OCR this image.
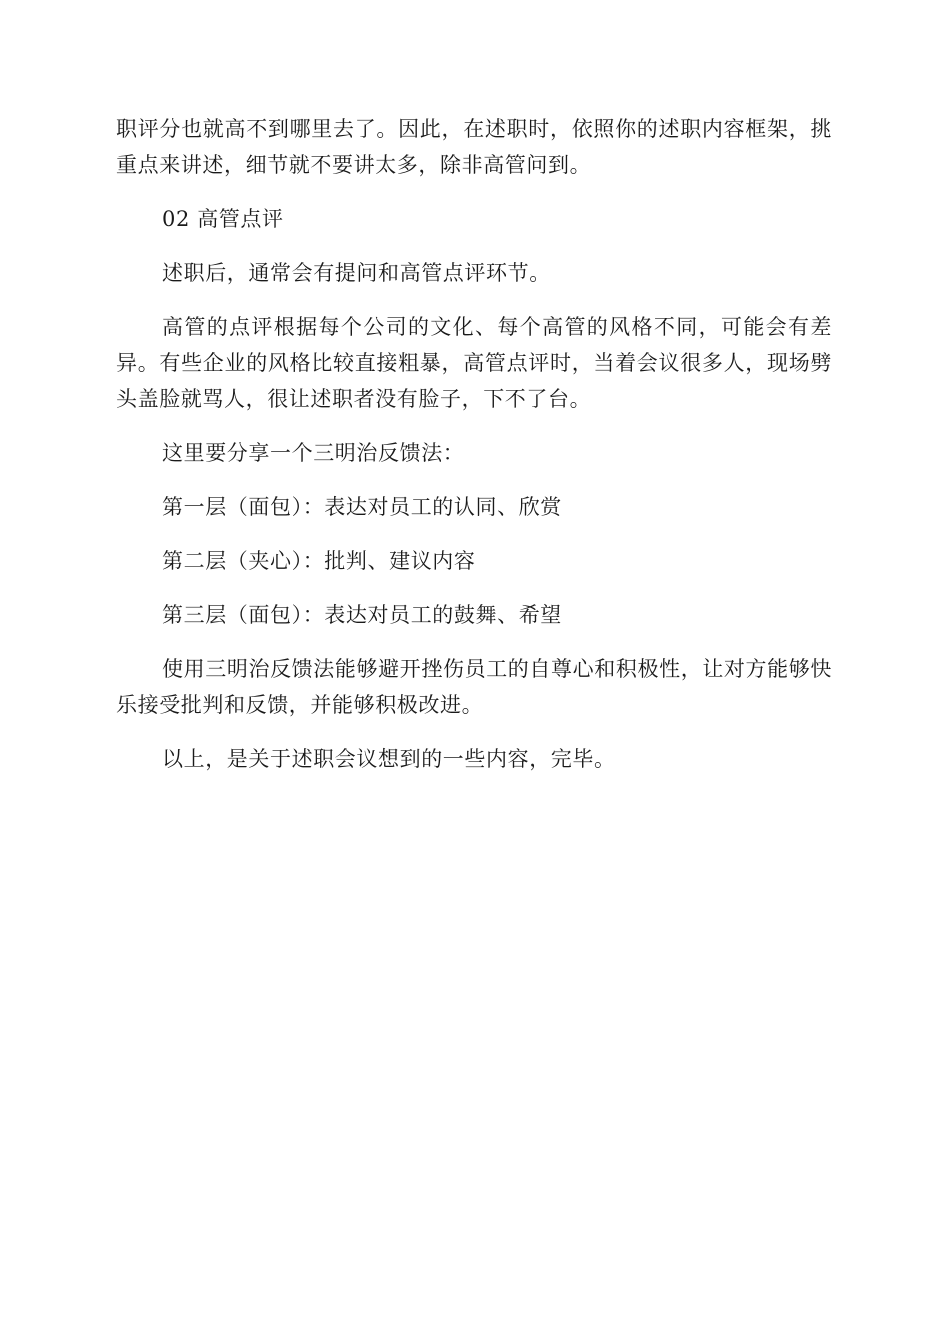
职评分也就高不到哪里去了。因此，在述职时，依照你的述职内容框架，挑重点来讲述，细节就不要讲太多，除非高管问到。

02 高管点评

述职后，通常会有提问和高管点评环节。

高管的点评根据每个公司的文化、每个高管的风格不同，可能会有差异。有些企业的风格比较直接粗暴，高管点评时，当着会议很多人，现场劈头盖脸就骂人，很让述职者没有脸子，下不了台。

这里要分享一个三明治反馈法：

第一层（面包）：表达对员工的认同、欣赏

第二层（夹心）：批判、建议内容

第三层（面包）：表达对员工的鼓舞、希望

使用三明治反馈法能够避开挫伤员工的自尊心和积极性，让对方能够快乐接受批判和反馈，并能够积极改进。

以上，是关于述职会议想到的一些内容，完毕。
